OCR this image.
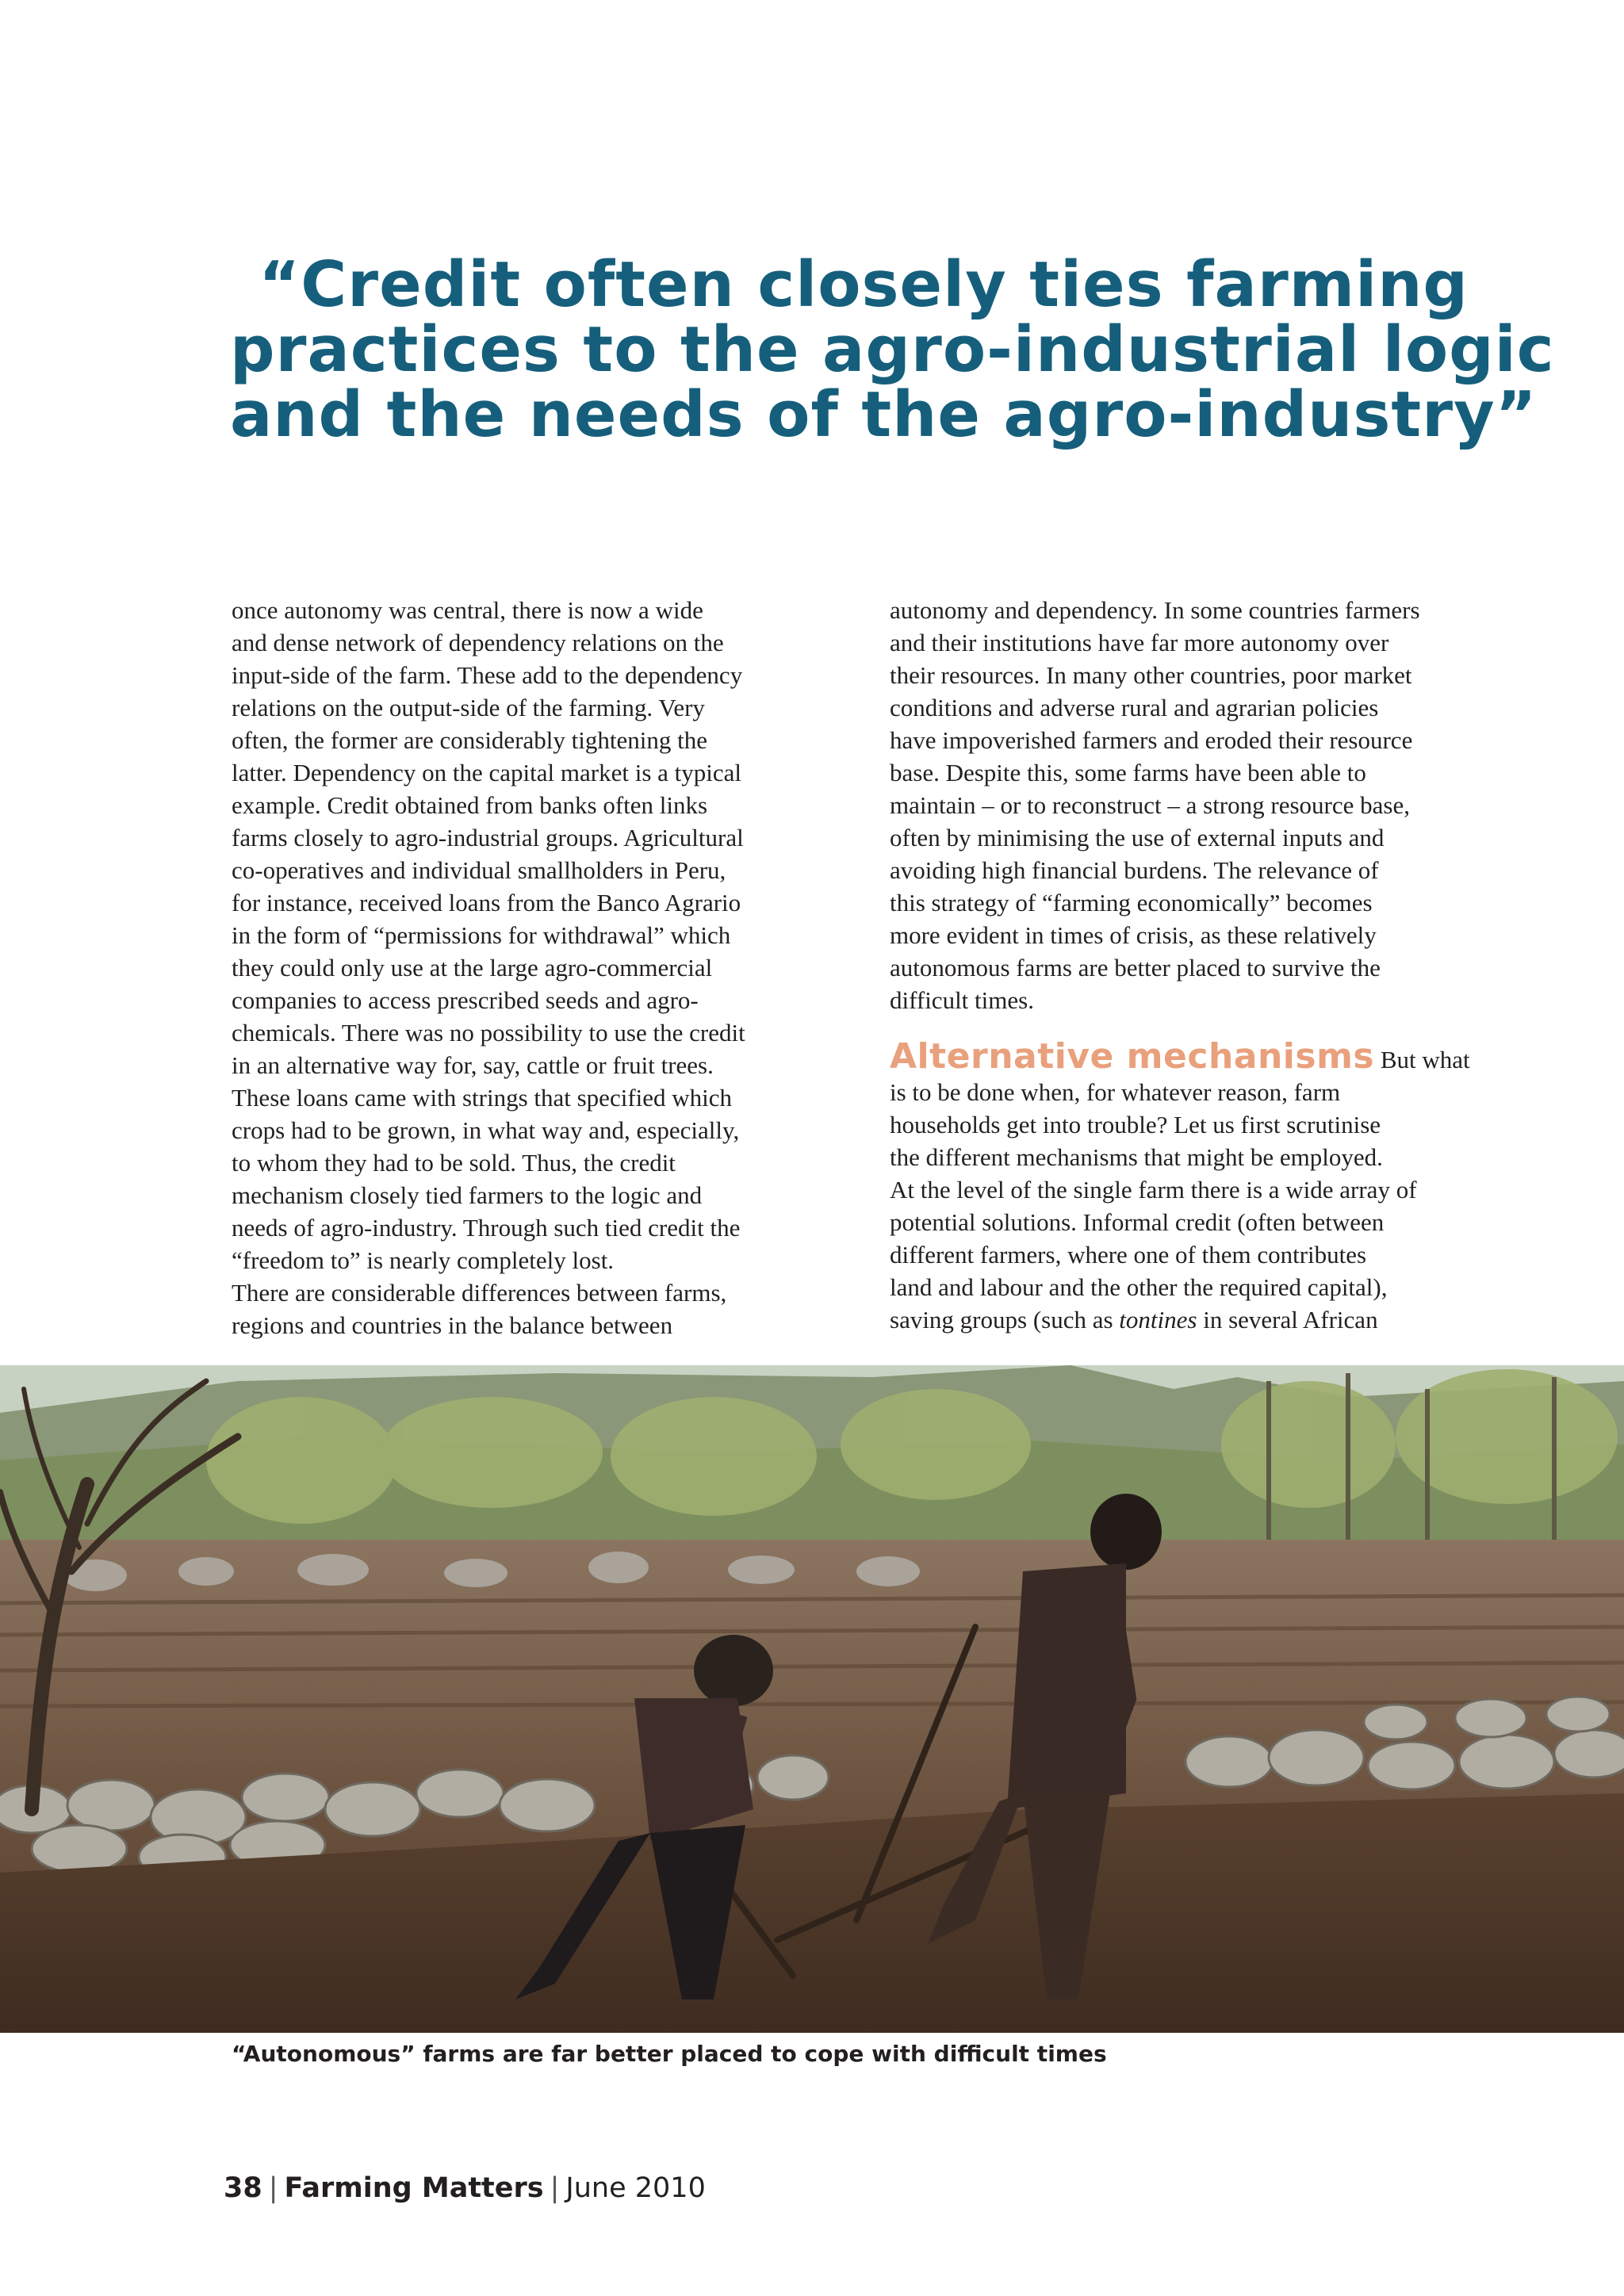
“Credit often closely ties farming
practices to the agro-industrial logic
and the needs of the agro-industry”
once autonomy was central, there is now a wide
and dense network of dependency relations on the
input-side of the farm. These add to the dependency
relations on the output-side of the farming. Very
often, the former are considerably tightening the
latter. Dependency on the capital market is a typical
example. Credit obtained from banks often links
farms closely to agro-industrial groups. Agricultural
co-operatives and individual smallholders in Peru,
for instance, received loans from the Banco Agrario
in the form of “permissions for withdrawal” which
they could only use at the large agro-commercial
companies to access prescribed seeds and agro-
chemicals. There was no possibility to use the credit
in an alternative way for, say, cattle or fruit trees.
These loans came with strings that specified which
crops had to be grown, in what way and, especially,
to whom they had to be sold. Thus, the credit
mechanism closely tied farmers to the logic and
needs of agro-industry. Through such tied credit the
“freedom to” is nearly completely lost.
There are considerable differences between farms,
regions and countries in the balance between
autonomy and dependency. In some countries farmers
and their institutions have far more autonomy over
their resources. In many other countries, poor market
conditions and adverse rural and agrarian policies
have impoverished farmers and eroded their resource
base. Despite this, some farms have been able to
maintain – or to reconstruct – a strong resource base,
often by minimising the use of external inputs and
avoiding high financial burdens. The relevance of
this strategy of “farming economically” becomes
more evident in times of crisis, as these relatively
autonomous farms are better placed to survive the
difficult times.
Alternative mechanisms But what
is to be done when, for whatever reason, farm
households get into trouble? Let us first scrutinise
the different mechanisms that might be employed.
At the level of the single farm there is a wide array of
potential solutions. Informal credit (often between
different farmers, where one of them contributes
land and labour and the other the required capital),
saving groups (such as tontines in several African
“Autonomous” farms are far better placed to cope with difficult times
38 | Farming Matters | June 2010
